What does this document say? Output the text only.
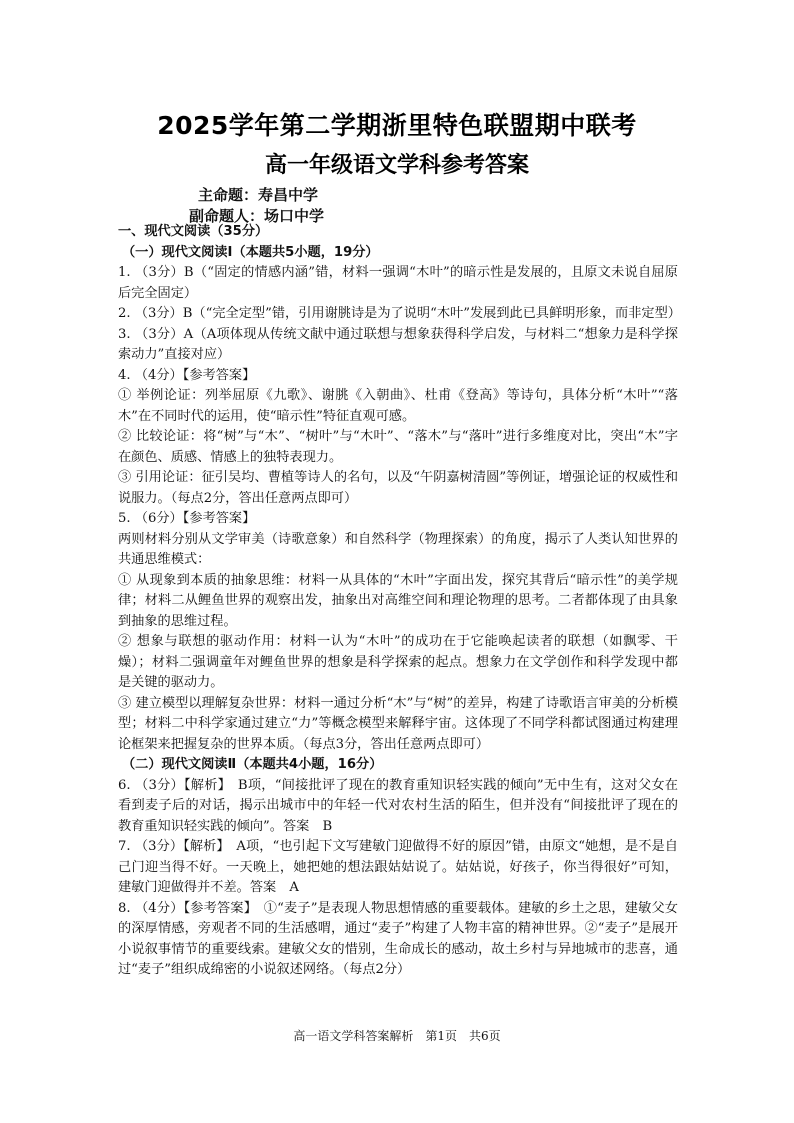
2025学年第二学期浙里特色联盟期中联考
高一年级语文学科参考答案
主命题：寿昌中学
副命题人：场口中学
一、现代文阅读（35分）
（一）现代文阅读Ⅰ（本题共5小题，19分）
1. （3分）B（“固定的情感内涵”错，材料一强调“木叶”的暗示性是发展的，且原文未说自屈原后完全固定）
2. （3分）B（“完全定型”错，引用谢朓诗是为了说明“木叶”发展到此已具鲜明形象，而非定型）
3. （3分）A（A项体现从传统文献中通过联想与想象获得科学启发，与材料二“想象力是科学探索动力”直接对应）
4. （4分）【参考答案】
① 举例论证：列举屈原《九歌》、谢朓《入朝曲》、杜甫《登高》等诗句，具体分析“木叶”“落木”在不同时代的运用，使“暗示性”特征直观可感。
② 比较论证：将“树”与“木”、“树叶”与“木叶”、“落木”与“落叶”进行多维度对比，突出“木”字在颜色、质感、情感上的独特表现力。
③ 引用论证：征引吴均、曹植等诗人的名句，以及“午阴嘉树清圆”等例证，增强论证的权威性和说服力。（每点2分，答出任意两点即可）
5. （6分）【参考答案】
两则材料分别从文学审美（诗歌意象）和自然科学（物理探索）的角度，揭示了人类认知世界的共通思维模式：
① 从现象到本质的抽象思维：材料一从具体的“木叶”字面出发，探究其背后“暗示性”的美学规律；材料二从鲤鱼世界的观察出发，抽象出对高维空间和理论物理的思考。二者都体现了由具象到抽象的思维过程。
② 想象与联想的驱动作用：材料一认为“木叶”的成功在于它能唤起读者的联想（如飘零、干燥）；材料二强调童年对鲤鱼世界的想象是科学探索的起点。想象力在文学创作和科学发现中都是关键的驱动力。
③ 建立模型以理解复杂世界：材料一通过分析“木”与“树”的差异，构建了诗歌语言审美的分析模型；材料二中科学家通过建立“力”等概念模型来解释宇宙。这体现了不同学科都试图通过构建理论框架来把握复杂的世界本质。（每点3分，答出任意两点即可）
（二）现代文阅读Ⅱ（本题共4小题，16分）
6. （3分）【解析】　B项，“间接批评了现在的教育重知识轻实践的倾向”无中生有，这对父女在看到麦子后的对话，揭示出城市中的年轻一代对农村生活的陌生，但并没有“间接批评了现在的教育重知识轻实践的倾向”。答案　B
7. （3分）【解析】　A项，“也引起下文写建敏门迎做得不好的原因”错，由原文“她想，是不是自己门迎当得不好。一天晚上，她把她的想法跟姑姑说了。姑姑说，好孩子，你当得很好”可知，建敏门迎做得并不差。答案　A
8. （4分）【参考答案】　①“麦子”是表现人物思想情感的重要载体。建敏的乡土之思，建敏父女的深厚情感，旁观者不同的生活感喟，通过“麦子”构建了人物丰富的精神世界。②“麦子”是展开小说叙事情节的重要线索。建敏父女的惜别，生命成长的感动，故土乡村与异地城市的悲喜，通过“麦子”组织成绵密的小说叙述网络。（每点2分）
高一语文学科答案解析　第1页　共6页
